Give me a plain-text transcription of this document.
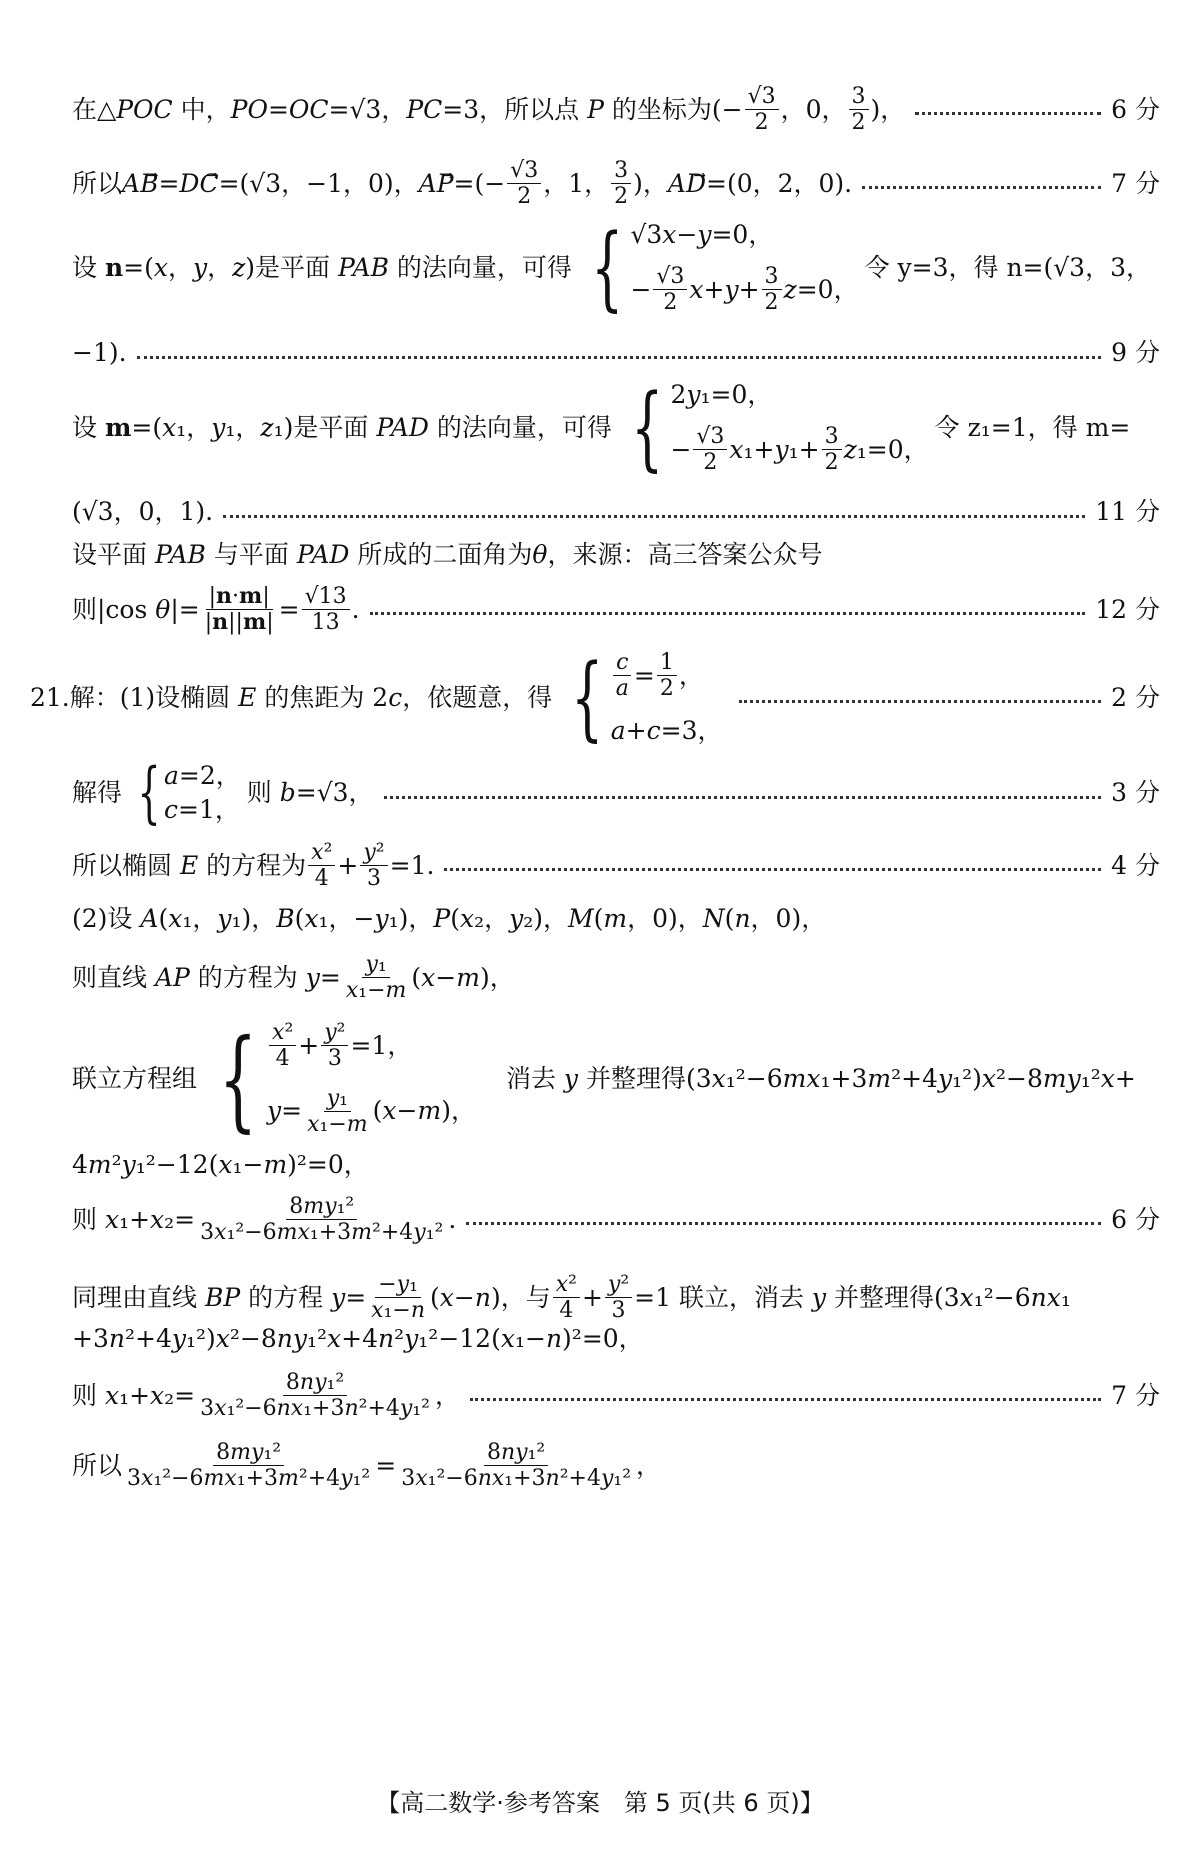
在△POC 中，PO=OC=√3，PC=3，所以点 P 的坐标为(− $\frac{√3}{2}$ ，0， $\frac{3}{2}$ )，	6 分
所以AB⃗=DC⃗=(√3，−1，0)，AP⃗=(− $\frac{√3}{2}$ ，1， $\frac{3}{2}$ )，AD⃗=(0，2，0).	7 分
设 n=(x，y，z)是平面 PAB 的法向量，可得 { √3 x − y =0，
− $\frac{√3}{2}$ $x + y + \frac{3}{2}$ z =0，
令 y=3，得 n=(√3，3，
−1).	9 分
设 m=(x₁，y₁，z₁)是平面 PAD 的法向量，可得 { 2 y ₁=0，
− $\frac{√3}{2}$ x ₁+ y $_1+ \frac{3}{2}$ z ₁=0，
令 z₁=1，得 m=
(√3，0，1).	11 分
设平面 PAB 与平面 PAD 所成的二面角为θ，来源：高三答案公众号
则|cos $\theta|= \frac{|n\cdot m|}{|n||m|} = \frac{√13}{13}$ .	12 分
21.解：(1)设椭圆 E 的焦距为 2c，依题意，得 { $\frac{c}{a} = \frac{1}{2}$ ，
a + c =3，
2 分
解得 { a =2，
c =1，
则 b=√3，	3 分
所以椭圆 E 的方程为 $\frac{\text{x²}}{4} + \frac{\text{y²}}{3} =1$.	4 分
(2)设 A(x₁，y₁)，B(x₁，−y₁)，P(x₂，y₂)，M(m，0)，N(n，0)，
则直线 AP 的方程为 $y= \frac{\text{y₁}}{\text{x₁−m}} (x-m)$，
联立方程组 { $\frac{\text{x²}}{4} + \frac{\text{y²}}{3} =1$，
$y = \frac{\text{y₁}}{\text{x₁−m}}$ ( x − m )，
消去 y 并整理得(3x₁²−6mx₁+3m²+4y₁²)x²−8my₁²x+
4m²y₁²−12(x₁−m)²=0，
则 $x_1+x_2= \frac{\text{8my₁²}}{\text{3x₁²−6mx₁+3m²+4y₁²}}$ .	6 分
同理由直线 BP 的方程 $y= \frac{\text{−y₁}}{\text{x₁−n}} (x-n)$，与 $\frac{\text{x²}}{4} + \frac{\text{y²}}{3} =1$ 联立，消去 y 并整理得(3x₁²−6nx₁
+3n²+4y₁²)x²−8ny₁²x+4n²y₁²−12(x₁−n)²=0，
则 $x_1+x_2= \frac{\text{8ny₁²}}{\text{3x₁²−6nx₁+3n²+4y₁²}}$ ，	7 分
所以 $\frac{\text{8my₁²}}{\text{3x₁²−6mx₁+3m²+4y₁²}} = \frac{\text{8ny₁²}}{\text{3x₁²−6nx₁+3n²+4y₁²}}$ ，
【高二数学·参考答案　第 5 页(共 6 页)】
